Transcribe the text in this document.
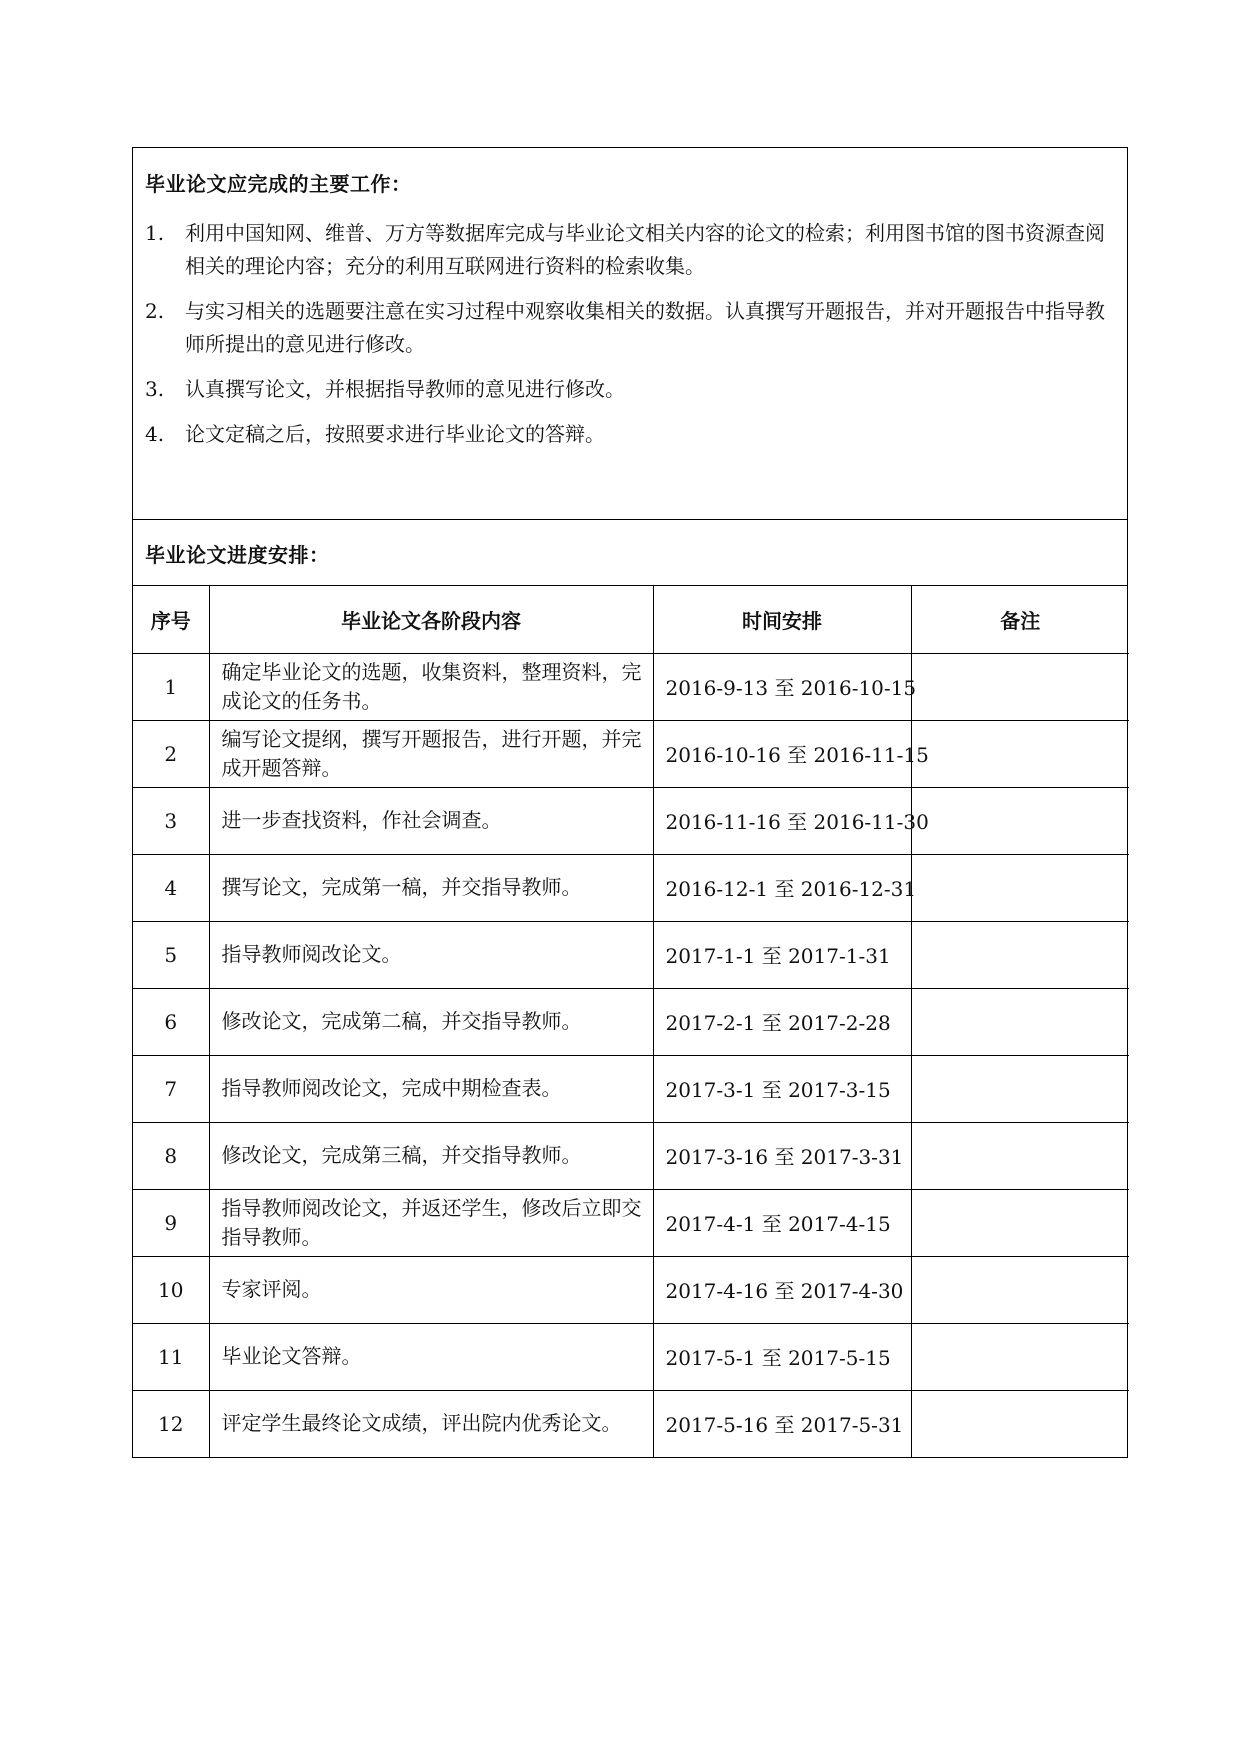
毕业论文应完成的主要工作：
1.	利用中国知网、维普、万方等数据库完成与毕业论文相关内容的论文的检索；利用图书馆的图书资源查阅相关的理论内容；充分的利用互联网进行资料的检索收集。
2.	与实习相关的选题要注意在实习过程中观察收集相关的数据。认真撰写开题报告，并对开题报告中指导教师所提出的意见进行修改。
3.	认真撰写论文，并根据指导教师的意见进行修改。
4.	论文定稿之后，按照要求进行毕业论文的答辩。
毕业论文进度安排：
序号	毕业论文各阶段内容	时间安排	备注
1	确定毕业论文的选题，收集资料，整理资料，完成论文的任务书。	2016-9-13 至 2016-10-15	
2	编写论文提纲，撰写开题报告，进行开题，并完成开题答辩。	2016-10-16 至 2016-11-15	
3	进一步查找资料，作社会调查。	2016-11-16 至 2016-11-30	
4	撰写论文，完成第一稿，并交指导教师。	2016-12-1 至 2016-12-31	
5	指导教师阅改论文。	2017-1-1 至 2017-1-31	
6	修改论文，完成第二稿，并交指导教师。	2017-2-1 至 2017-2-28	
7	指导教师阅改论文，完成中期检查表。	2017-3-1 至 2017-3-15	
8	修改论文，完成第三稿，并交指导教师。	2017-3-16 至 2017-3-31	
9	指导教师阅改论文，并返还学生，修改后立即交指导教师。	2017-4-1 至 2017-4-15	
10	专家评阅。	2017-4-16 至 2017-4-30	
11	毕业论文答辩。	2017-5-1 至 2017-5-15	
12	评定学生最终论文成绩，评出院内优秀论文。	2017-5-16 至 2017-5-31	
